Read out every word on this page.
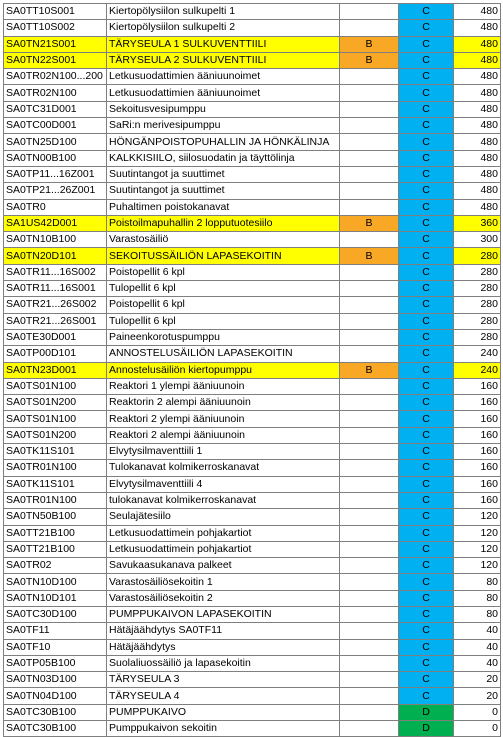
SA0TT10S001	Kiertopölysiilon sulkupelti 1		C	480
SA0TT10S002	Kiertopölysiilon sulkupelti 2		C	480
SA0TN21S001	TÄRYSEULA 1 SULKUVENTTIILI	B	C	480
SA0TN22S001	TÄRYSEULA 2 SULKUVENTTIILI	B	C	480
SA0TR02N100...200	Letkusuodattimien ääniuunoimet		C	480
SA0TR02N100	Letkusuodattimien ääniuunoimet		C	480
SA0TC31D001	Sekoitusvesipumppu		C	480
SA0TC00D001	SaRi:n merivesipumppu		C	480
SA0TN25D100	HÖNGÄNPOISTOPUHALLIN JA HÖNKÄLINJA		C	480
SA0TN00B100	KALKKISIILO, siilosuodatin ja täyttölinja		C	480
SA0TP11...16Z001	Suutintangot ja suuttimet		C	480
SA0TP21...26Z001	Suutintangot ja suuttimet		C	480
SA0TR0	Puhaltimen poistokanavat		C	480
SA1US42D001	Poistoilmapuhallin 2 lopputuotesiilo	B	C	360
SA0TN10B100	Varastosäiliö		C	300
SA0TN20D101	SEKOITUSSÄILIÖN LAPASEKOITIN	B	C	280
SA0TR11...16S002	Poistopellit 6 kpl		C	280
SA0TR11...16S001	Tulopellit 6 kpl		C	280
SA0TR21...26S002	Poistopellit 6 kpl		C	280
SA0TR21...26S001	Tulopellit 6 kpl		C	280
SA0TE30D001	Paineenkorotuspumppu		C	280
SA0TP00D101	ANNOSTELUSÄILIÖN LAPASEKOITIN		C	240
SA0TN23D001	Annostelusäiliön kiertopumppu	B	C	240
SA0TS01N100	Reaktori 1 ylempi ääniuunoin		C	160
SA0TS01N200	Reaktorin 2 alempi ääniuunoin		C	160
SA0TS01N100	Reaktori 2 ylempi ääniuunoin		C	160
SA0TS01N200	Reaktori 2 alempi ääniuunoin		C	160
SA0TK11S101	Elvytysilmaventtiili 1		C	160
SA0TR01N100	Tulokanavat kolmikerroskanavat		C	160
SA0TK11S101	Elvytysilmaventtiili 4		C	160
SA0TR01N100	tulokanavat kolmikerroskanavat		C	160
SA0TN50B100	Seulajätesiilo		C	120
SA0TT21B100	Letkusuodattimein pohjakartiot		C	120
SA0TT21B100	Letkusuodattimein pohjakartiot		C	120
SA0TR02	Savukaasukanava palkeet		C	120
SA0TN10D100	Varastosäiliösekoitin 1		C	80
SA0TN10D101	Varastosäiliösekoitin 2		C	80
SA0TC30D100	PUMPPUKAIVON LAPASEKOITIN		C	80
SA0TF11	Hätäjäähdytys SA0TF11		C	40
SA0TF10	Hätäjäähdytys		C	40
SA0TP05B100	Suolaliuossäiliö ja lapasekoitin		C	40
SA0TN03D100	TÄRYSEULA 3		C	20
SA0TN04D100	TÄRYSEULA 4		C	20
SA0TC30B100	PUMPPUKAIVO		D	0
SA0TC30B100	Pumppukaivon sekoitin		D	0
